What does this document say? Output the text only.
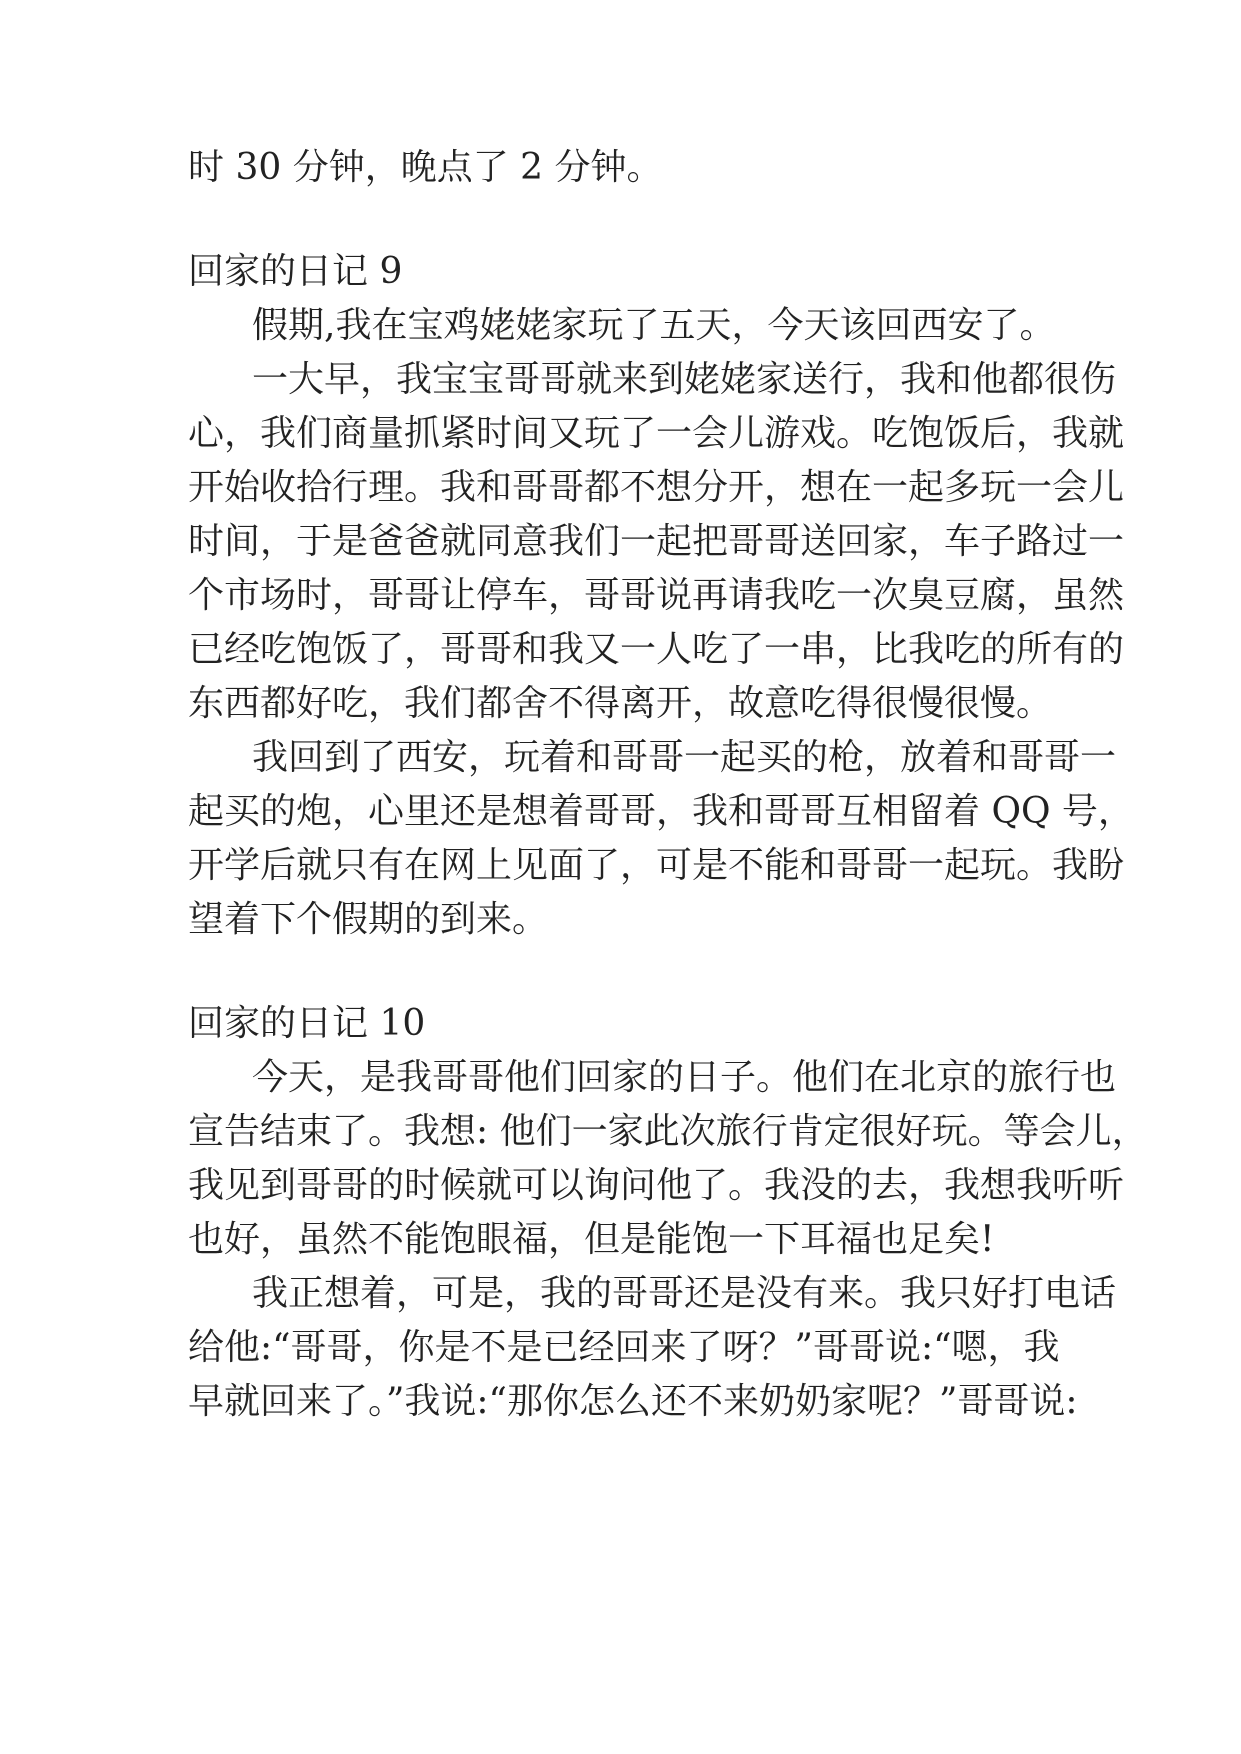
时 30 分钟，晚点了 2 分钟。
回家的日记 9
假期,我在宝鸡姥姥家玩了五天，今天该回西安了。
一大早，我宝宝哥哥就来到姥姥家送行，我和他都很伤
心，我们商量抓紧时间又玩了一会儿游戏。吃饱饭后，我就
开始收拾行理。我和哥哥都不想分开，想在一起多玩一会儿
时间，于是爸爸就同意我们一起把哥哥送回家，车子路过一
个市场时，哥哥让停车，哥哥说再请我吃一次臭豆腐，虽然
已经吃饱饭了，哥哥和我又一人吃了一串，比我吃的所有的
东西都好吃，我们都舍不得离开，故意吃得很慢很慢。
我回到了西安，玩着和哥哥一起买的枪，放着和哥哥一
起买的炮，心里还是想着哥哥，我和哥哥互相留着 QQ 号，
开学后就只有在网上见面了，可是不能和哥哥一起玩。我盼
望着下个假期的到来。
回家的日记 10
今天，是我哥哥他们回家的日子。他们在北京的旅行也
宣告结束了。我想: 他们一家此次旅行肯定很好玩。等会儿，
我见到哥哥的时候就可以询问他了。我没的去，我想我听听
也好，虽然不能饱眼福，但是能饱一下耳福也足矣!
我正想着，可是，我的哥哥还是没有来。我只好打电话
给他:“哥哥，你是不是已经回来了呀？”哥哥说:“嗯，我
早就回来了。”我说:“那你怎么还不来奶奶家呢？”哥哥说:
